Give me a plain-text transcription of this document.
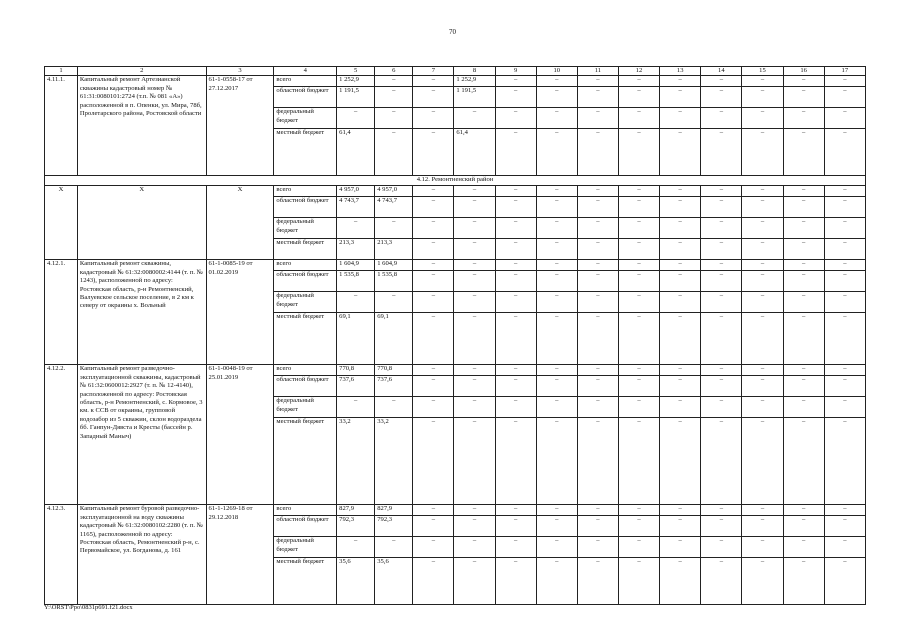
70
1	2	3	4	5	6	7	8	9	10	11	12	13	14	15	16	17
4.11.1.	Капитальный ремонт Артезианской скважины кадастровый номер № 61:31:0080101:2724 (т.п. № 081 «А») расположенной в п. Опенки, ул. Мира, 78б, Пролетарского района, Ростовской области	61-1-0558-17 от 27.12.2017	всего	1 252,9	–	–	1 252,9	–	–	–	–	–	–	–	–	–
			областной бюджет	1 191,5	–	–	1 191,5	–	–	–	–	–	–	–	–	–
			федеральный бюджет	–	–	–	–	–	–	–	–	–	–	–	–	–
			местный бюджет	61,4	–	–	61,4	–	–	–	–	–	–	–	–	–
4.12. Ремонтненский район																
X	X	X	всего	4 957,0	4 957,0	–	–	–	–	–	–	–	–	–	–	–
			областной бюджет	4 743,7	4 743,7	–	–	–	–	–	–	–	–	–	–	–
			федеральный бюджет	–	–	–	–	–	–	–	–	–	–	–	–	–
			местный бюджет	213,3	213,3	–	–	–	–	–	–	–	–	–	–	–
4.12.1.	Капитальный ремонт скважины, кадастровый № 61:32:0080002:4144 (т. п. № 1243), расположенной по адресу: Ростовская область, р-н Ремонтненский, Валуевское сельское поселение, в 2 км к северу от окраины х. Вольный	61-1-0085-19 от 01.02.2019	всего	1 604,9	1 604,9	–	–	–	–	–	–	–	–	–	–	–
			областной бюджет	1 535,8	1 535,8	–	–	–	–	–	–	–	–	–	–	–
			федеральный бюджет	–	–	–	–	–	–	–	–	–	–	–	–	–
			местный бюджет	69,1	69,1	–	–	–	–	–	–	–	–	–	–	–
4.12.2.	Капитальный ремонт разведочно-эксплуатационной скважины, кадастровый № 61:32:0600012:2927 (т. п. № 12-4140), расположенной по адресу: Ростовская область, р-н Ремонтненский, с. Кормовое, 3 км. к ССВ от окраины, групповой водозабор из 5 скважин, склон водораздела бб. Ганпун-Дявста и Кресты (бассейн р. Западный Маныч)	61-1-0048-19 от 25.01.2019	всего	770,8	770,8	–	–	–	–	–	–	–	–	–	–	–
			областной бюджет	737,6	737,6	–	–	–	–	–	–	–	–	–	–	–
			федеральный бюджет	–	–	–	–	–	–	–	–	–	–	–	–	–
			местный бюджет	33,2	33,2	–	–	–	–	–	–	–	–	–	–	–
4.12.3.	Капитальный ремонт буровой разведочно-эксплуатационной на воду скважины кадастровый № 61:32:0080102:2280 (т. п. № 1165), расположенной по адресу: Ростовская область, Ремонтненский р-н, с. Первомайское, ул. Богданова, д. 161	61-1-1269-18 от 29.12.2018	всего	827,9	827,9	–	–	–	–	–	–	–	–	–	–	–
			областной бюджет	792,3	792,3	–	–	–	–	–	–	–	–	–	–	–
			федеральный бюджет	–	–	–	–	–	–	–	–	–	–	–	–	–
			местный бюджет	35,6	35,6	–	–	–	–	–	–	–	–	–	–	–
Y:\ORST\Ppo\0831p691.f21.docx
